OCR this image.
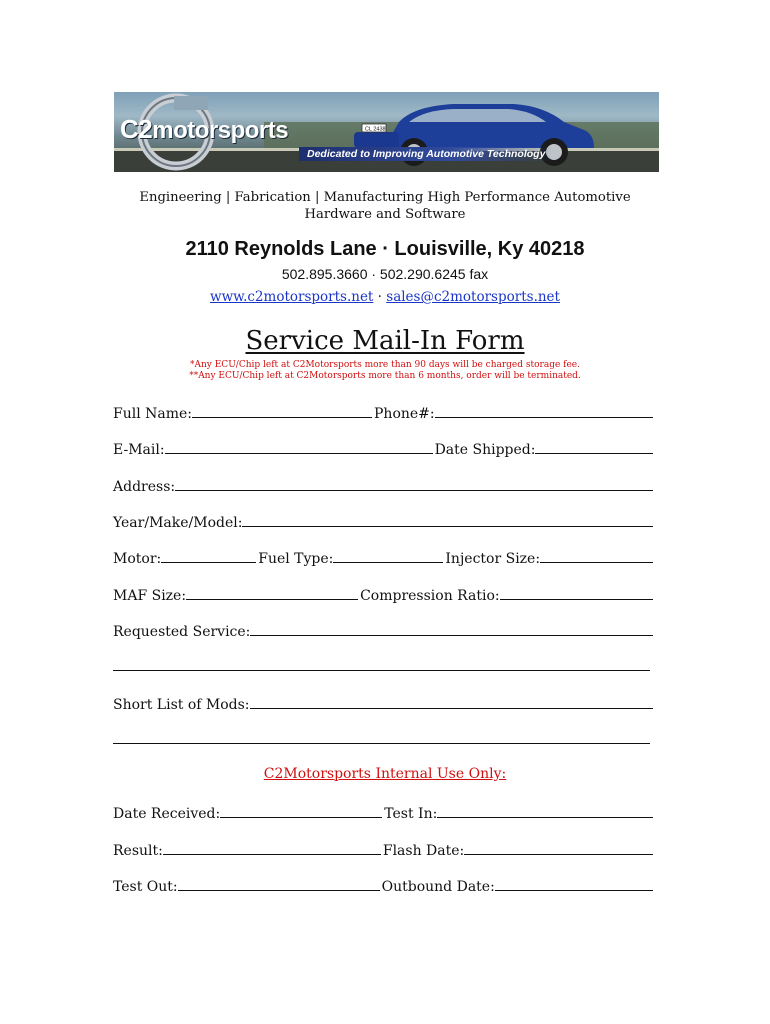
CL 2438
C2motorsports
Dedicated to Improving Automotive Technology
Engineering | Fabrication | Manufacturing High Performance Automotive
Hardware and Software
2110 Reynolds Lane · Louisville, Ky 40218
502.895.3660 · 502.290.6245 fax
www.c2motorsports.net · sales@c2motorsports.net
Service Mail-In Form
*Any ECU/Chip left at C2Motorsports more than 90 days will be charged storage fee.
**Any ECU/Chip left at C2Motorsports more than 6 months, order will be terminated.
Full Name:	Phone#:
E-Mail:	Date Shipped:
Address:
Year/Make/Model:
Motor:	Fuel Type:	Injector Size:
MAF Size:	Compression Ratio:
Requested Service:
Short List of Mods:
C2Motorsports Internal Use Only:
Date Received:	Test In:
Result:	Flash Date:
Test Out:	Outbound Date:
